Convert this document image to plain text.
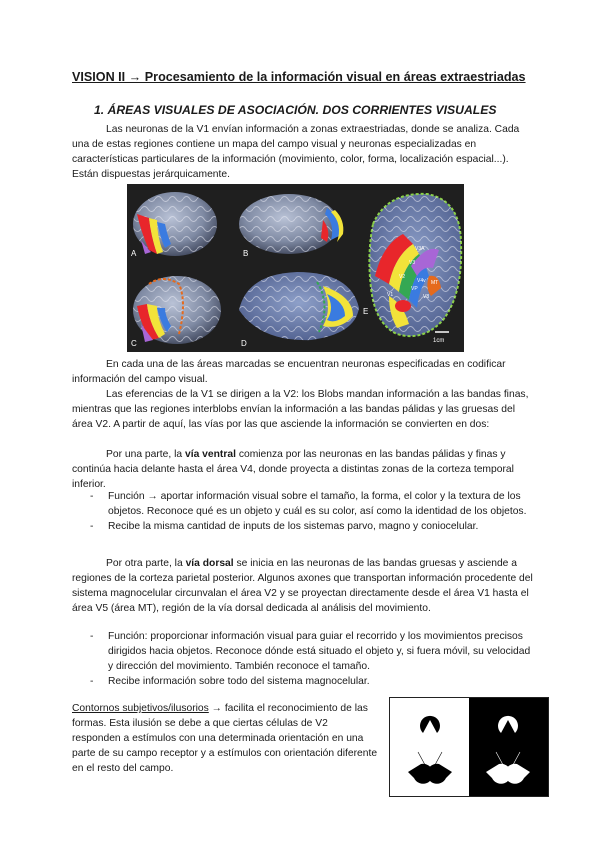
VISION II → Procesamiento de la información visual en áreas extraestriadas
1. ÁREAS VISUALES DE ASOCIACIÓN. DOS CORRIENTES VISUALES

Las neuronas de la V1 envían información a zonas extraestriadas, donde se analiza. Cada una de estas regiones contiene un mapa del campo visual y neuronas especializadas en características particulares de la información (movimiento, color, forma, localización espacial...). Están dispuestas jerárquicamente.

A	B
C	D
V3A
V1
V2
V3
VP
V4v
V8
MT
E
1cm

En cada una de las áreas marcadas se encuentran neuronas especificadas en codificar información del campo visual.

Las eferencias de la V1 se dirigen a la V2: los Blobs mandan información a las bandas finas, mientras que las regiones interblobs envían la información a las bandas pálidas y las gruesas del área V2. A partir de aquí, las vías por las que asciende la información se convierten en dos:

Por una parte, la vía ventral comienza por las neuronas en las bandas pálidas y finas y continúa hacia delante hasta el área V4, donde proyecta a distintas zonas de la corteza temporal inferior.

- Función → aportar información visual sobre el tamaño, la forma, el color y la textura de los objetos. Reconoce qué es un objeto y cuál es su color, así como la identidad de los objetos.
- Recibe la misma cantidad de inputs de los sistemas parvo, magno y coniocelular.

Por otra parte, la vía dorsal se inicia en las neuronas de las bandas gruesas y asciende a regiones de la corteza parietal posterior. Algunos axones que transportan información procedente del sistema magnocelular circunvalan el área V2 y se proyectan directamente desde el área V1 hasta el área V5 (área MT), región de la vía dorsal dedicada al análisis del movimiento.

- Función: proporcionar información visual para guiar el recorrido y los movimientos precisos dirigidos hacia objetos. Reconoce dónde está situado el objeto y, si fuera móvil, su velocidad y dirección del movimiento. También reconoce el tamaño.
- Recibe información sobre todo del sistema magnocelular.

Contornos subjetivos/ilusorios → facilita el reconocimiento de las formas. Esta ilusión se debe a que ciertas células de V2 responden a estímulos con una determinada orientación en una parte de su campo receptor y a estímulos con orientación diferente en el resto del campo.
